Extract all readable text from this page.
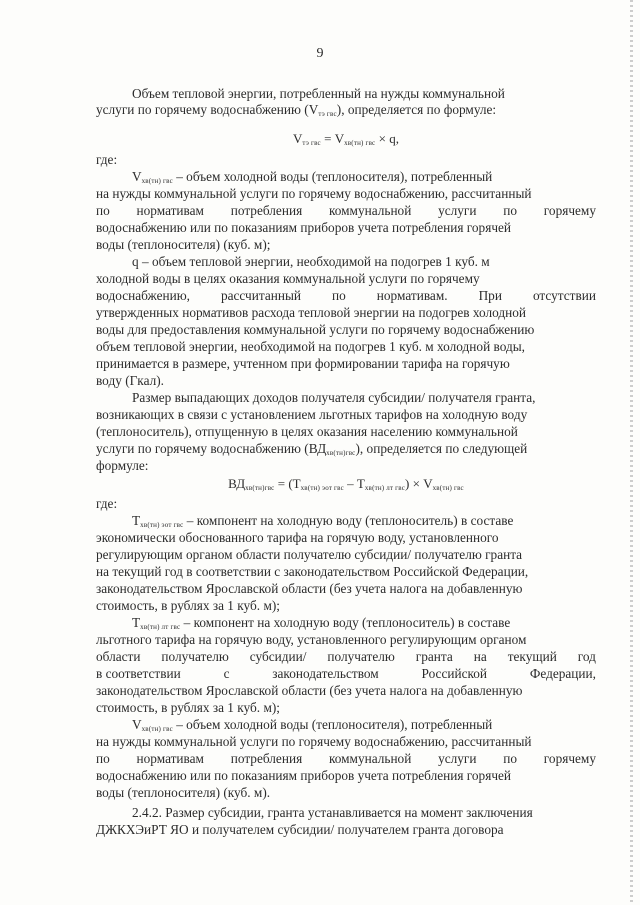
9
Объем тепловой энергии, потребленный на нужды коммунальной
услуги по горячему водоснабжению $(V_{тэ гвс})$, определяется по формуле:
$V_{тэ гвс} = V_{хв(тн) гвс} \times q$,
где:
$V_{хв(тн) гвс}$ – объем холодной воды (теплоносителя), потребленный
на нужды коммунальной услуги по горячему водоснабжению, рассчитанный
по нормативам потребления коммунальной услуги по горячему
водоснабжению или по показаниям приборов учета потребления горячей
воды (теплоносителя) (куб. м);
q – объем тепловой энергии, необходимой на подогрев 1 куб. м
холодной воды в целях оказания коммунальной услуги по горячему
водоснабжению, рассчитанный по нормативам. При отсутствии
утвержденных нормативов расхода тепловой энергии на подогрев холодной
воды для предоставления коммунальной услуги по горячему водоснабжению
объем тепловой энергии, необходимой на подогрев 1 куб. м холодной воды,
принимается в размере, учтенном при формировании тарифа на горячую
воду (Гкал).
Размер выпадающих доходов получателя субсидии/ получателя гранта,
возникающих в связи с установлением льготных тарифов на холодную воду
(теплоноситель), отпущенную в целях оказания населению коммунальной
услуги по горячему водоснабжению $(ВД_{хв(тн)гвс})$, определяется по следующей
формуле:
$ВД_{хв(тн)гвс} = (Т_{хв(тн) эот гвс} - Т_{хв(тн) лт гвс}) \times V_{хв(тн) гвс}$
где:
$Т_{хв(тн) эот гвс}$ – компонент на холодную воду (теплоноситель) в составе
экономически обоснованного тарифа на горячую воду, установленного
регулирующим органом области получателю субсидии/ получателю гранта
на текущий год в соответствии с законодательством Российской Федерации,
законодательством Ярославской области (без учета налога на добавленную
стоимость, в рублях за 1 куб. м);
$Т_{хв(тн) лт гвс}$ – компонент на холодную воду (теплоноситель) в составе
льготного тарифа на горячую воду, установленного регулирующим органом
области получателю субсидии/ получателю гранта на текущий год
в соответствии	с	законодательством	Российской	Федерации,
законодательством Ярославской области (без учета налога на добавленную
стоимость, в рублях за 1 куб. м);
$V_{хв(тн) гвс}$ – объем холодной воды (теплоносителя), потребленный
на нужды коммунальной услуги по горячему водоснабжению, рассчитанный
по нормативам потребления коммунальной услуги по горячему
водоснабжению или по показаниям приборов учета потребления горячей
воды (теплоносителя) (куб. м).
2.4.2. Размер субсидии, гранта устанавливается на момент заключения
ДЖКХЭиРТ ЯО и получателем субсидии/ получателем гранта договора
